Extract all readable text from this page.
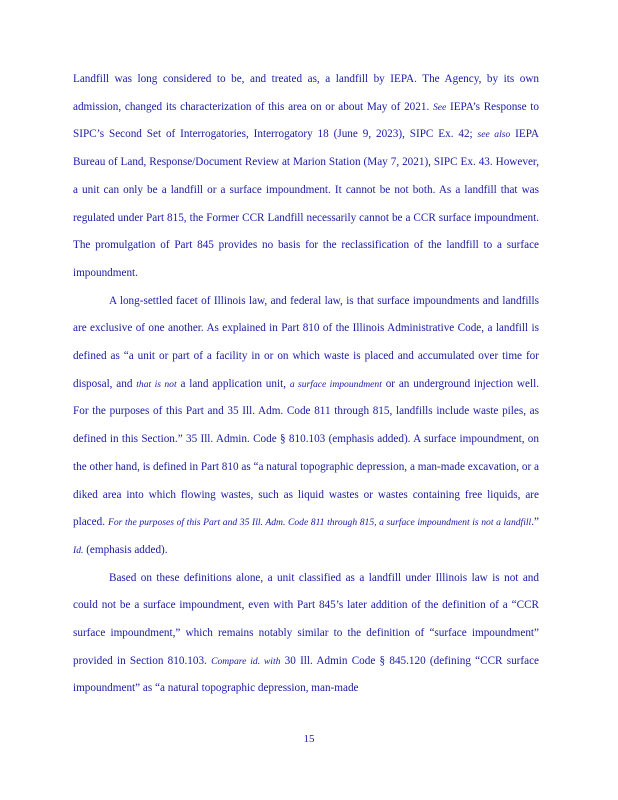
Landfill was long considered to be, and treated as, a landfill by IEPA. The Agency, by its own admission, changed its characterization of this area on or about May of 2021. See IEPA’s Response to SIPC’s Second Set of Interrogatories, Interrogatory 18 (June 9, 2023), SIPC Ex. 42; see also IEPA Bureau of Land, Response/Document Review at Marion Station (May 7, 2021), SIPC Ex. 43. However, a unit can only be a landfill or a surface impoundment. It cannot be not both. As a landfill that was regulated under Part 815, the Former CCR Landfill necessarily cannot be a CCR surface impoundment. The promulgation of Part 845 provides no basis for the reclassification of the landfill to a surface impoundment.

A long-settled facet of Illinois law, and federal law, is that surface impoundments and landfills are exclusive of one another. As explained in Part 810 of the Illinois Administrative Code, a landfill is defined as “a unit or part of a facility in or on which waste is placed and accumulated over time for disposal, and that is not a land application unit, a surface impoundment or an underground injection well. For the purposes of this Part and 35 Ill. Adm. Code 811 through 815, landfills include waste piles, as defined in this Section.” 35 Ill. Admin. Code § 810.103 (emphasis added). A surface impoundment, on the other hand, is defined in Part 810 as “a natural topographic depression, a man-made excavation, or a diked area into which flowing wastes, such as liquid wastes or wastes containing free liquids, are placed. For the purposes of this Part and 35 Ill. Adm. Code 811 through 815, a surface impoundment is not a landfill.” Id. (emphasis added).

Based on these definitions alone, a unit classified as a landfill under Illinois law is not and could not be a surface impoundment, even with Part 845’s later addition of the definition of a “CCR surface impoundment,” which remains notably similar to the definition of “surface impoundment” provided in Section 810.103. Compare id. with 30 Ill. Admin Code § 845.120 (defining “CCR surface impoundment” as “a natural topographic depression, man-made

15
